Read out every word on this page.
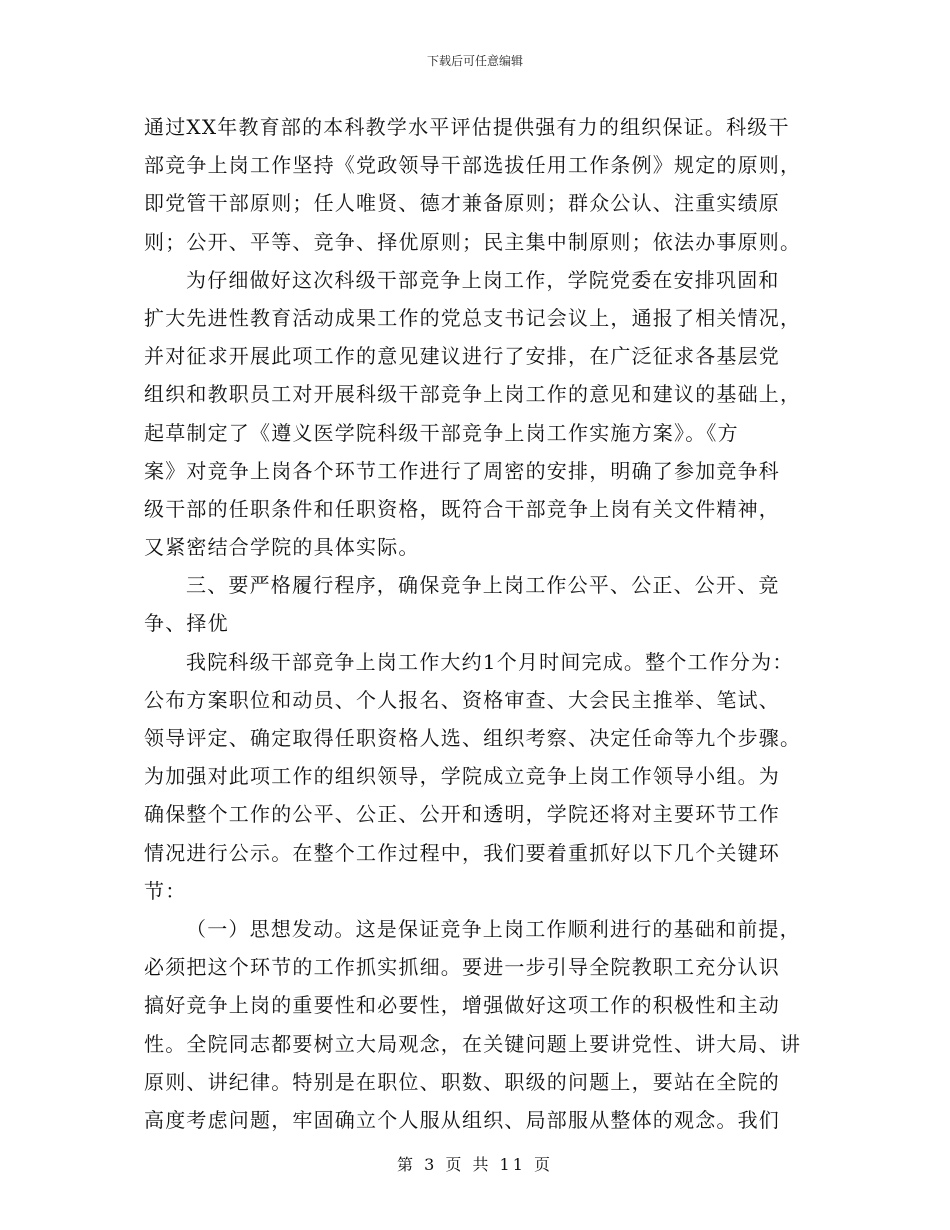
下载后可任意编辑
通过XX年教育部的本科教学水平评估提供强有力的组织保证。科级干
部竞争上岗工作坚持《党政领导干部选拔任用工作条例》规定的原则，
即党管干部原则；任人唯贤、德才兼备原则；群众公认、注重实绩原
则；公开、平等、竞争、择优原则；民主集中制原则；依法办事原则。
为仔细做好这次科级干部竞争上岗工作，学院党委在安排巩固和
扩大先进性教育活动成果工作的党总支书记会议上，通报了相关情况，
并对征求开展此项工作的意见建议进行了安排，在广泛征求各基层党
组织和教职员工对开展科级干部竞争上岗工作的意见和建议的基础上，
起草制定了《遵义医学院科级干部竞争上岗工作实施方案》。《方
案》对竞争上岗各个环节工作进行了周密的安排，明确了参加竞争科
级干部的任职条件和任职资格，既符合干部竞争上岗有关文件精神，
又紧密结合学院的具体实际。
三、要严格履行程序，确保竞争上岗工作公平、公正、公开、竞
争、择优
我院科级干部竞争上岗工作大约1个月时间完成。整个工作分为：
公布方案职位和动员、个人报名、资格审查、大会民主推举、笔试、
领导评定、确定取得任职资格人选、组织考察、决定任命等九个步骤。
为加强对此项工作的组织领导，学院成立竞争上岗工作领导小组。为
确保整个工作的公平、公正、公开和透明，学院还将对主要环节工作
情况进行公示。在整个工作过程中，我们要着重抓好以下几个关键环
节：
（一）思想发动。这是保证竞争上岗工作顺利进行的基础和前提，
必须把这个环节的工作抓实抓细。要进一步引导全院教职工充分认识
搞好竞争上岗的重要性和必要性，增强做好这项工作的积极性和主动
性。全院同志都要树立大局观念，在关键问题上要讲党性、讲大局、讲
原则、讲纪律。特别是在职位、职数、职级的问题上，要站在全院的
高度考虑问题，牢固确立个人服从组织、局部服从整体的观念。我们
第 3 页 共 11 页
